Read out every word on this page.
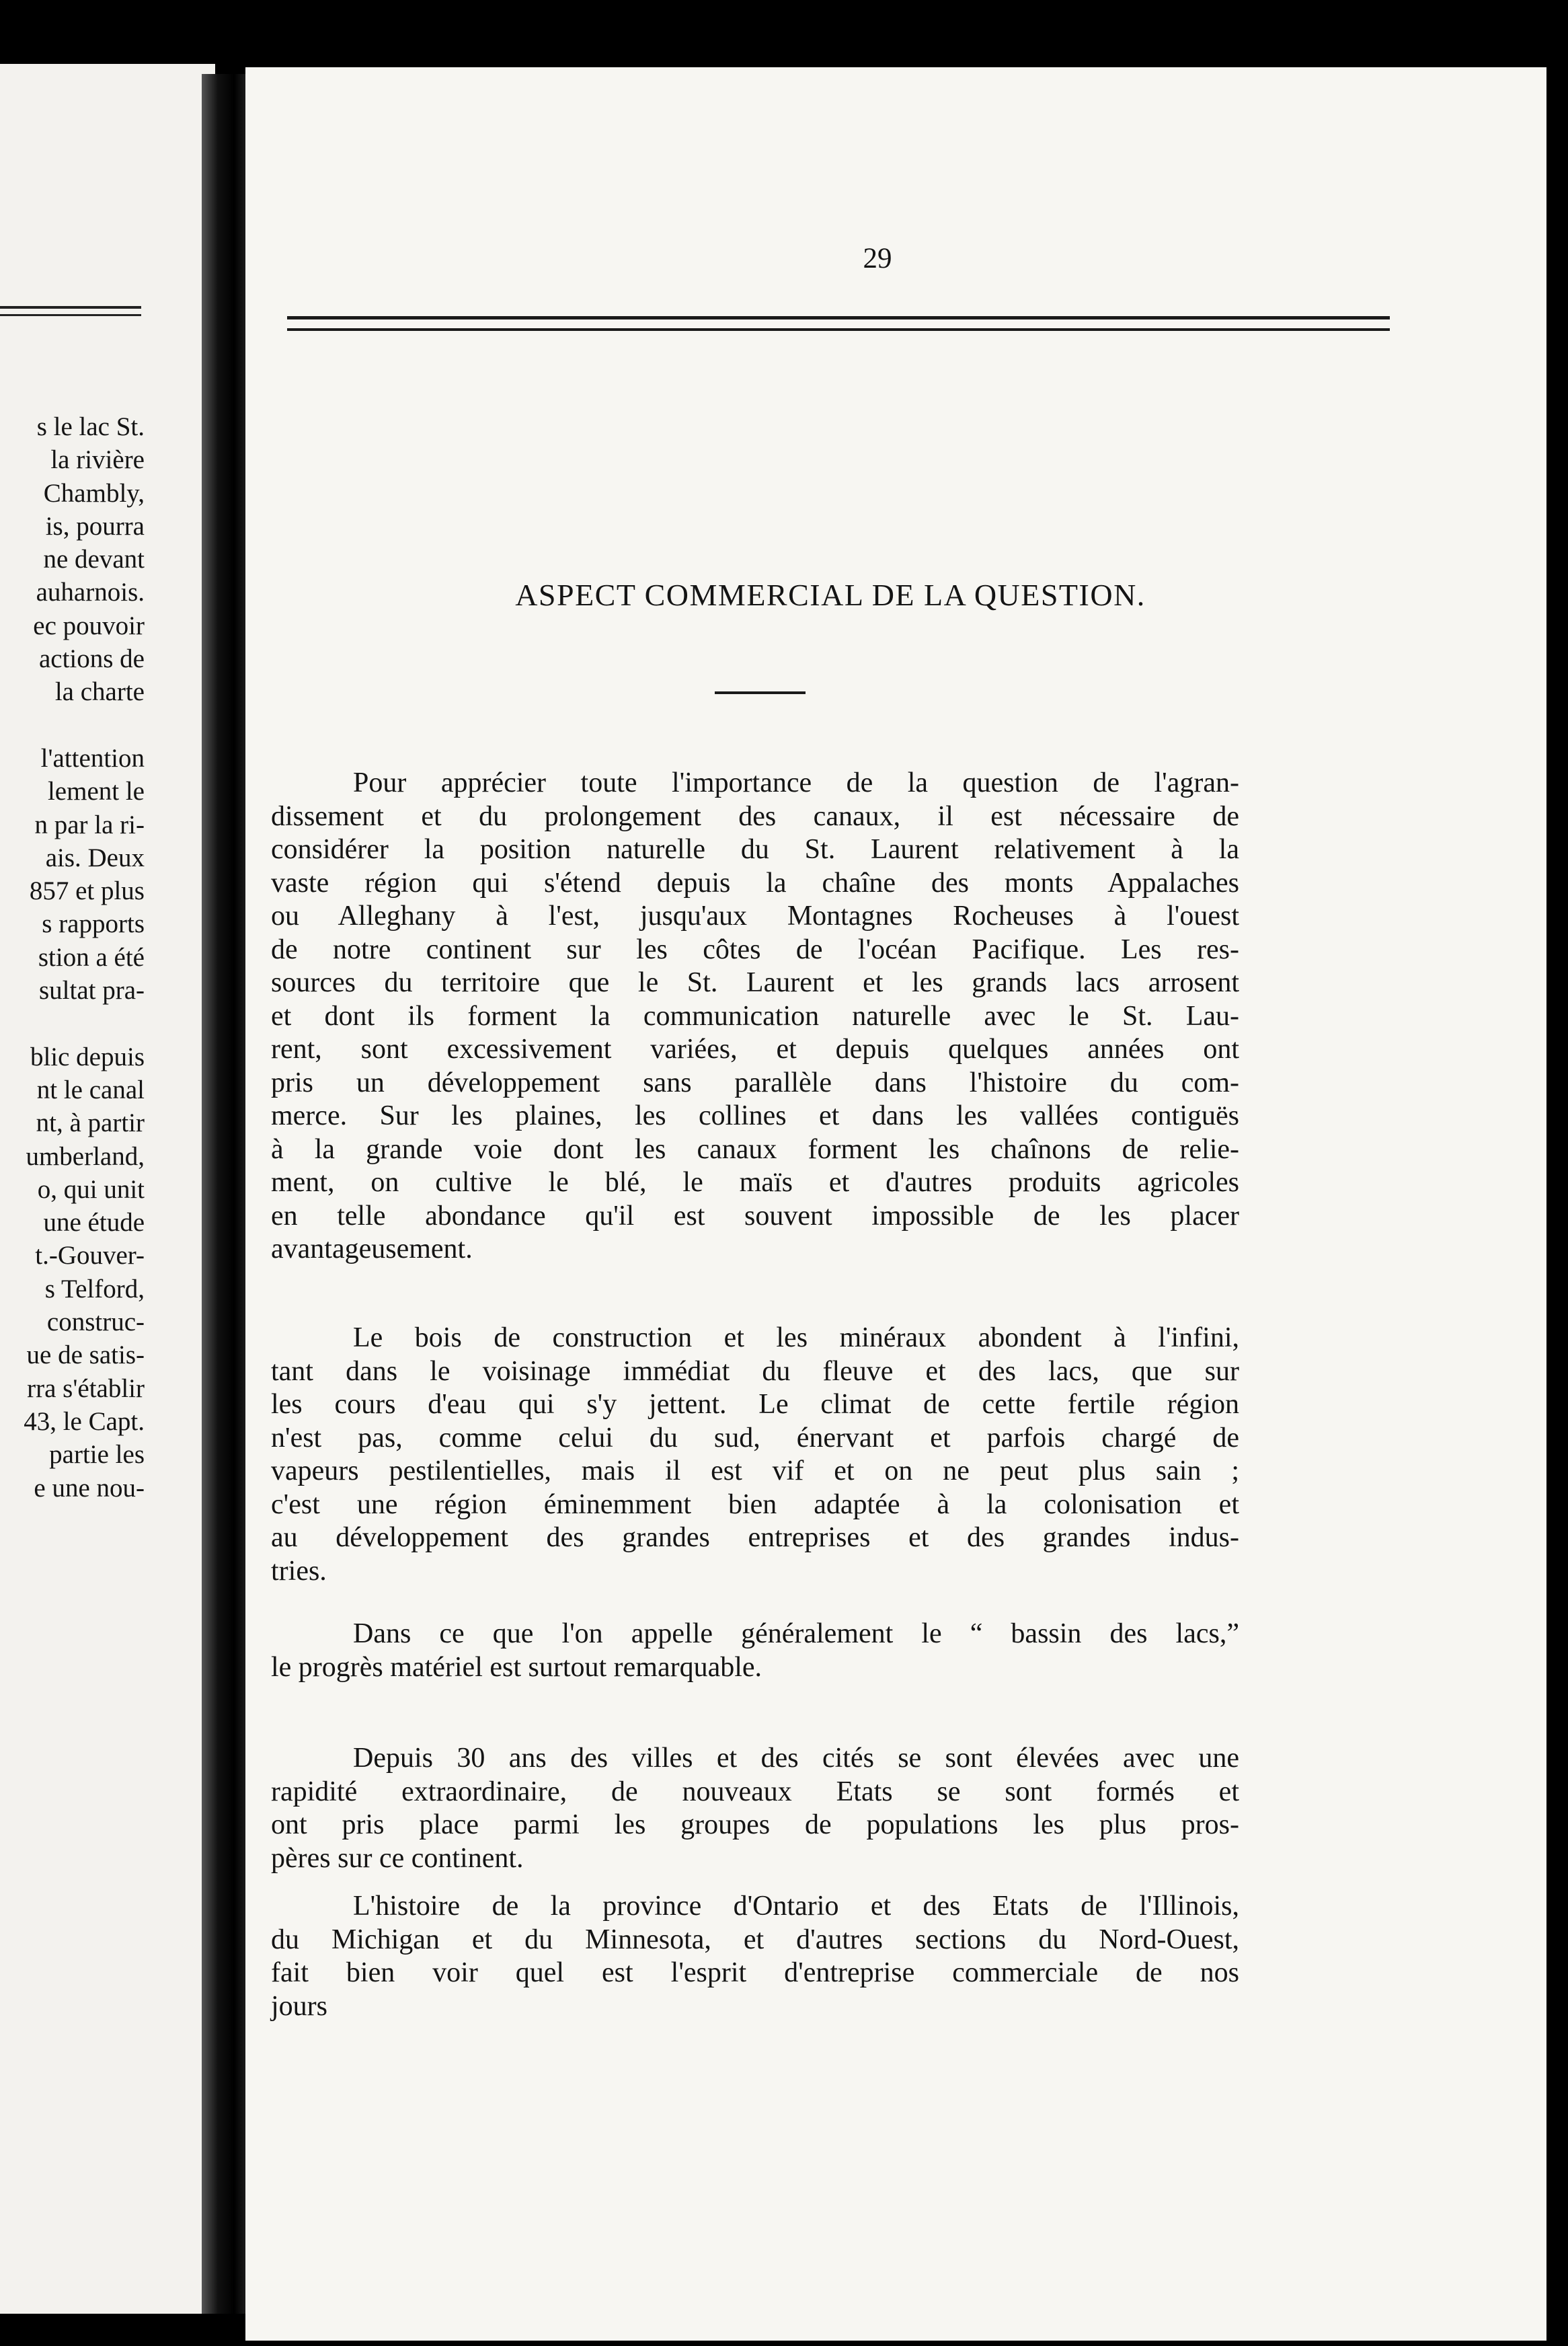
s le lac St.
la rivière
Chambly,
is, pourra
ne devant
auharnois.
ec pouvoir
actions de
la charte
l'attention
lement le
n par la ri-
ais. Deux
857 et plus
s rapports
stion a été
sultat pra-
blic depuis
nt le canal
nt, à partir
umberland,
o, qui unit
une étude
t.-Gouver-
s Telford,
construc-
ue de satis-
rra s'établir
43, le Capt.
partie les
e une nou-
29
ASPECT COMMERCIAL DE LA QUESTION.
Pour apprécier toute l'importance de la question de l'agran-
dissement et du prolongement des canaux, il est nécessaire de
considérer la position naturelle du St. Laurent relativement à la
vaste région qui s'étend depuis la chaîne des monts Appalaches
ou Alleghany à l'est, jusqu'aux Montagnes Rocheuses à l'ouest
de notre continent sur les côtes de l'océan Pacifique. Les res-
sources du territoire que le St. Laurent et les grands lacs arrosent
et dont ils forment la communication naturelle avec le St. Lau-
rent, sont excessivement variées, et depuis quelques années ont
pris un développement sans parallèle dans l'histoire du com-
merce. Sur les plaines, les collines et dans les vallées contiguës
à la grande voie dont les canaux forment les chaînons de relie-
ment, on cultive le blé, le maïs et d'autres produits agricoles
en telle abondance qu'il est souvent impossible de les placer
avantageusement.
Le bois de construction et les minéraux abondent à l'infini,
tant dans le voisinage immédiat du fleuve et des lacs, que sur
les cours d'eau qui s'y jettent. Le climat de cette fertile région
n'est pas, comme celui du sud, énervant et parfois chargé de
vapeurs pestilentielles, mais il est vif et on ne peut plus sain ;
c'est une région éminemment bien adaptée à la colonisation et
au développement des grandes entreprises et des grandes indus-
tries.
Dans ce que l'on appelle généralement le “ bassin des lacs,”
le progrès matériel est surtout remarquable.
Depuis 30 ans des villes et des cités se sont élevées avec une
rapidité extraordinaire, de nouveaux Etats se sont formés et
ont pris place parmi les groupes de populations les plus pros-
pères sur ce continent.
L'histoire de la province d'Ontario et des Etats de l'Illinois,
du Michigan et du Minnesota, et d'autres sections du Nord-Ouest,
fait bien voir quel est l'esprit d'entreprise commerciale de nos
jours
